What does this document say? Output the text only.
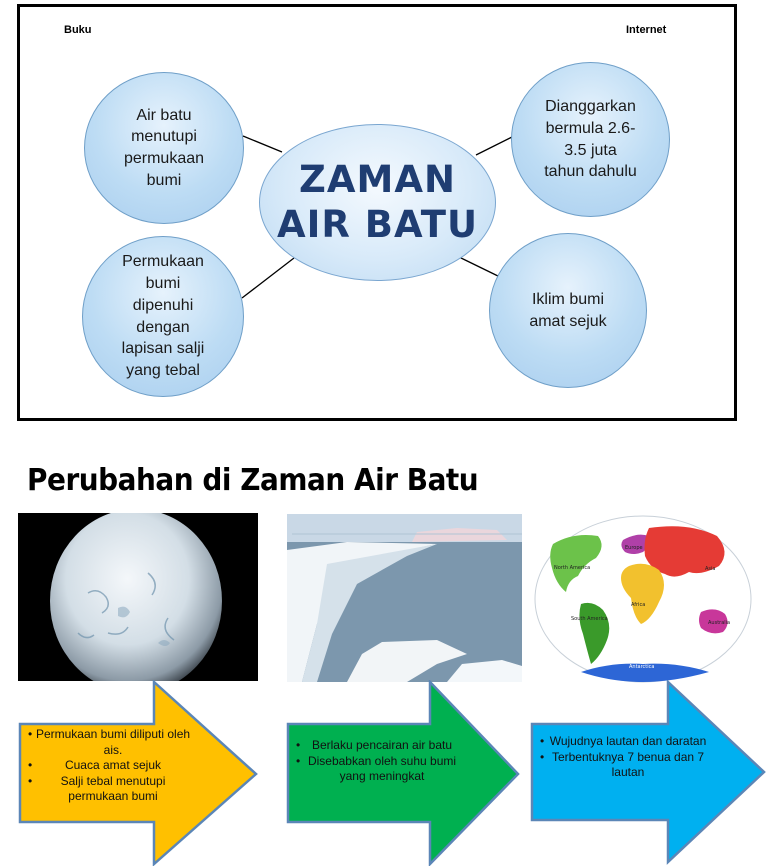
Buku	Internet
Air batu
menutupi
permukaan
bumi
Dianggarkan
bermula 2.6-
3.5 juta
tahun dahulu
Permukaan
bumi
dipenuhi
dengan
lapisan salji
yang tebal
Iklim bumi
amat sejuk
ZAMAN
AIR BATU
Perubahan di Zaman Air Batu
North America
Europe
Asia
Africa
South America
Australia
Antarctica
• Permukaan bumi diliputi oleh ais.
• Cuaca amat sejuk
• Salji tebal menutupi permukaan bumi
• Berlaku pencairan air batu
• Disebabkan oleh suhu bumi yang meningkat
• Wujudnya lautan dan daratan
• Terbentuknya 7 benua dan 7 lautan
